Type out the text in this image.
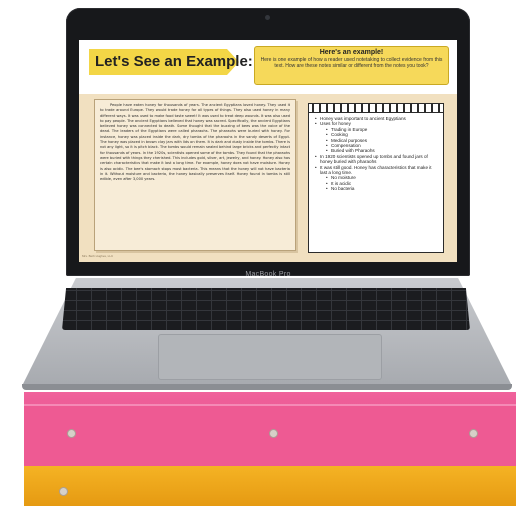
Let's See an Example:
Here's an example!
Here is one example of how a reader used notetaking to collect evidence from this text. How are these notes similar or different from the notes you took?
People have eaten honey for thousands of years. The ancient Egyptians loved honey. They used it to trade around Europe. They would trade honey for all types of things. They also used honey in many different ways. It was used to make food taste sweet! It was used to treat deep wounds. It was also used to pay people. The ancient Egyptians believed that honey was sacred. Specifically, the ancient Egyptians believed honey was connected to death. Some thought that the buzzing of bees was the voice of the dead. The leaders of the Egyptians were called pharaohs. The pharaohs were buried with honey. For instance, honey was placed inside the dark, dry tombs of the pharaohs in the sandy deserts of Egypt. The honey was placed in brown clay jars with lids on them. It is dark and dusty inside the tombs. There is not any light, so it is pitch black. The tombs would remain sealed behind large bricks and perfectly intact for thousands of years. In the 1920s, scientists opened some of the tombs. They found that the pharaohs were buried with things they cherished. This includes gold, silver, art, jewelry, and honey. Honey also has certain characteristics that make it last a long time. For example, honey does not have moisture. Honey is also acidic. The bee's stomach stops most bacteria. This means that the honey will not have bacteria in it. Without moisture and bacteria, the honey basically preserves itself. Honey found in tombs is still edible, even after 3,000 years.
• Honey was important to ancient Egyptians
• Uses for honey
• Trading in Europe
• Cooking
• Medical purposes
• Compensation
• Buried with Pharaohs
• In 1920 scientists opened up tombs and found jars of honey buried with pharaohs
• It was still good. Honey has characteristics that make it last a long time.
• No moisture
• It is acidic
• No bacteria
Mrs. Beth Hughes, LLC
MacBook Pro
